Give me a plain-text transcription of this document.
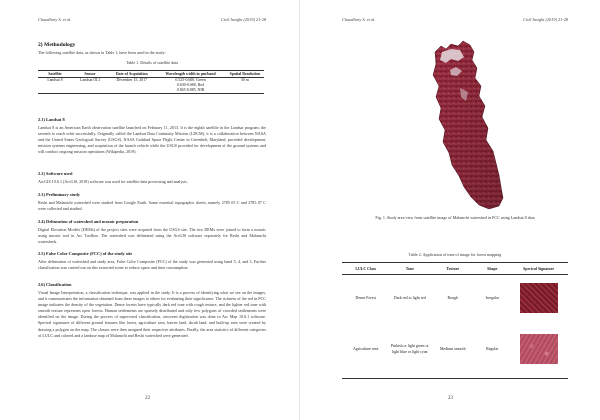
Chaudhary S. et al.	Civil Insight (2019) 21-28

2) Methodology

The following satellite data, as shown in Table 1, have been used in the study:

Table 1. Details of satellite data
Satellite	Sensor	Date of Acquisition	Wavelength width in µm/band	Spatial Resolution
Landsat 8	Landsat OLI	December 15, 2017	0.525-0.600, Green
0.630-0.680, Red
0.845-0.885, NIR	30 m

2.1) Landsat 8

Landsat 8 is an American Earth observation satellite launched on February 11, 2013. It is the eighth satellite in the Landsat program; the seventh to reach orbit successfully. Originally called the Landsat Data Continuity Mission (LDCM), it is a collaboration between NASA and the United States Geological Survey (USGS). NASA Goddard Space Flight Center in Greenbelt, Maryland, provided development, mission systems engineering, and acquisition of the launch vehicle while the USGS provided for development of the ground systems and will conduct ongoing mission operations (Wikipedia, 2019).

2.2) Software used

ArcGIS 10.6.1 (ArcGIS, 2018) software was used for satellite data processing and analysis.

2.3) Preliminary study

Reshi and Malamchi watershed were studied from Google Earth. Some essential topographic sheets, namely 2785 05 C and 2785 07 C were collected and studied.

2.4) Delineation of watershed and mosaic preparation

Digital Elevation Models (DEMs) of the project sites were acquired from the USGS site. The two DEMs were joined to form a mosaic using mosaic tool in Arc Toolbox. The watershed was delineated using the ArcGIS software separately for Reshi and Malamchi watersheds.

2.5) False Color Composite (FCC) of the study site

After delineation of watershed and study area, False Color Composite (FCC) of the study was generated using band 5, 4, and 3. Further classification was carried out on this extracted scene to reduce space and time consumption.

2.6) Classification

Visual Image Interpretation, a classification technique, was applied in the study. It is a process of identifying what we see on the images, and it communicates the information obtained from these images to others for evaluating their significance. The richness of the red in FCC image indicates the density of the vegetation. Dense forests have typically dark red tone with rough texture, and the lighter red tone with smooth texture represents open forests. Human settlements are sparsely distributed and only few polygons of crowded settlements were identified on the image. During the process of supervised classification, onscreen digitization was done in Arc Map 10.6.1 software. Spectral signatures of different ground features like forest, agriculture area, barren land, shrub land, and built-up area were created by drawing a polygon on the map. The classes were then assigned their respective attributes. Finally, the area statistics of different categories of LULC and colored and a landuse map of Malamchi and Reshi watershed were generated.

22
Chaudhary S. et al.	Civil Insight (2019) 21-28
Fig. 1. Study area view from satellite image of Malamchi watershed in FCC using Landsat 8 data
Table 2. Application of tone of image for forest mapping
23
LULC Class	Tone	Texture	Shape	Spectral Signature
Dense Forest	Dark red to light red	Rough	Irregular	
Agriculture area	Pinkish or light green or light blue or light cyan	Medium smooth	Regular	
